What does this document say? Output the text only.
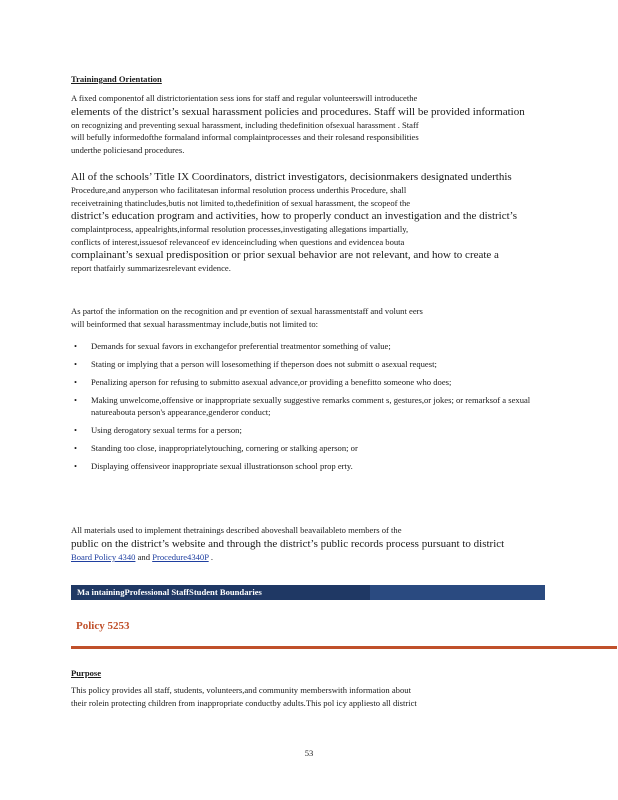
Trainingand Orientation
A fixed componentof all districtorientation sess ions for staff and regular volunteerswill introducethe
elements of the district’s sexual harassment policies and procedures. Staff will be provided information
on recognizing and preventing sexual harassment, including thedefinition ofsexual harassment . Staff
will befully informedofthe formaland informal complaintprocesses and their rolesand responsibilities
underthe policiesand procedures.
All of the schools’ Title IX Coordinators, district investigators, decisionmakers designated underthis
Procedure,and anyperson who facilitatesan informal resolution process underthis Procedure, shall
receivetraining thatincludes,butis not limited to,thedefinition of sexual harassment, the scopeof the
district’s education program and activities, how to properly conduct an investigation and the district’s
complaintprocess, appealrights,informal resolution processes,investigating allegations impartially,
conflicts of interest,issuesof relevanceof ev idenceincluding when questions and evidencea bouta
complainant’s sexual predisposition or prior sexual behavior are not relevant, and how to create a
report thatfairly summarizesrelevant evidence.
As partof the information on the recognition and pr evention of sexual harassmentstaff and volunt eers
will beinformed that sexual harassmentmay include,butis not limited to:
• Demands for sexual favors in exchangefor preferential treatmentor something of value;
• Stating or implying that a person will losesomething if theperson does not submitt o asexual request;
• Penalizing aperson for refusing to submitto asexual advance,or providing a benefitto someone who does;
• Making unwelcome,offensive or inappropriate sexually suggestive remarks comment s, gestures,or jokes; or remarksof a sexual natureabouta person's appearance,genderor conduct;
• Using derogatory sexual terms for a person;
• Standing too close, inappropriatelytouching, cornering or stalking aperson; or
• Displaying offensiveor inappropriate sexual illustrationson school prop erty.
All materials used to implement thetrainings described aboveshall beavailableto members of the
public on the district’s website and through the district’s public records process pursuant to district
Board Policy 4340 and Procedure4340P .
Ma intainingProfessional StaffStudent Boundaries
Policy 5253
Purpose
This policy provides all staff, students, volunteers,and community memberswith information about
their rolein protecting children from inappropriate conductby adults.This pol icy appliesto all district
53
